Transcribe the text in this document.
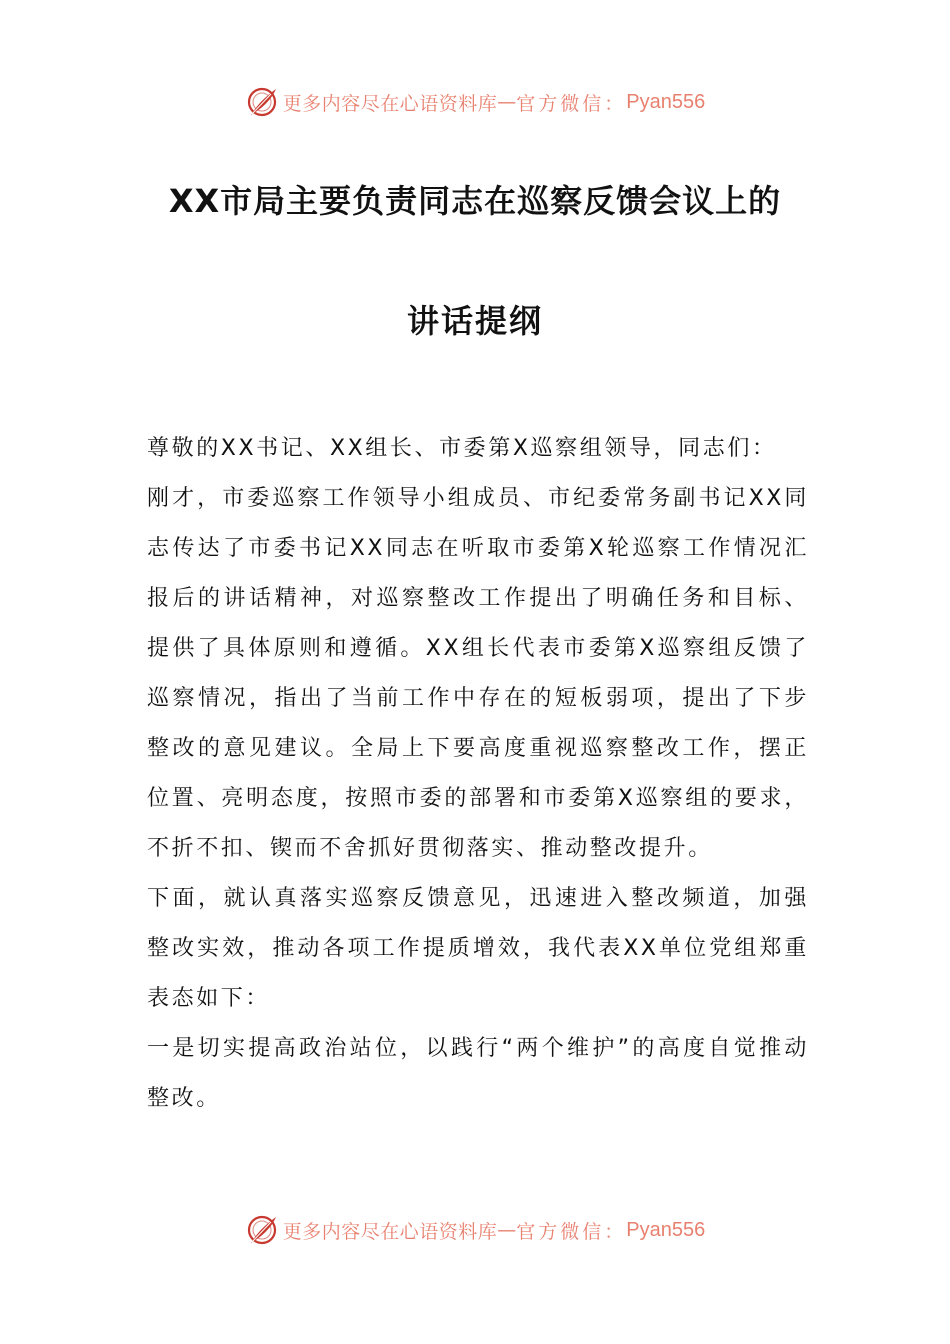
更多内容尽在心语资料库 — 官方微信： Pyan556
XX市局主要负责同志在巡察反馈会议上的
讲话提纲

尊敬的XX书记、XX组长、市委第X巡察组领导，同志们：

刚才，市委巡察工作领导小组成员、市纪委常务副书记XX同志传达了市委书记XX同志在听取市委第X轮巡察工作情况汇报后的讲话精神，对巡察整改工作提出了明确任务和目标、提供了具体原则和遵循。XX组长代表市委第X巡察组反馈了巡察情况，指出了当前工作中存在的短板弱项，提出了下步整改的意见建议。全局上下要高度重视巡察整改工作，摆正位置、亮明态度，按照市委的部署和市委第X巡察组的要求，不折不扣、锲而不舍抓好贯彻落实、推动整改提升。

下面，就认真落实巡察反馈意见，迅速进入整改频道，加强整改实效，推动各项工作提质增效，我代表XX单位党组郑重表态如下：

一是切实提高政治站位，以践行“两个维护”的高度自觉推动整改。

更多内容尽在心语资料库 — 官方微信： Pyan556
